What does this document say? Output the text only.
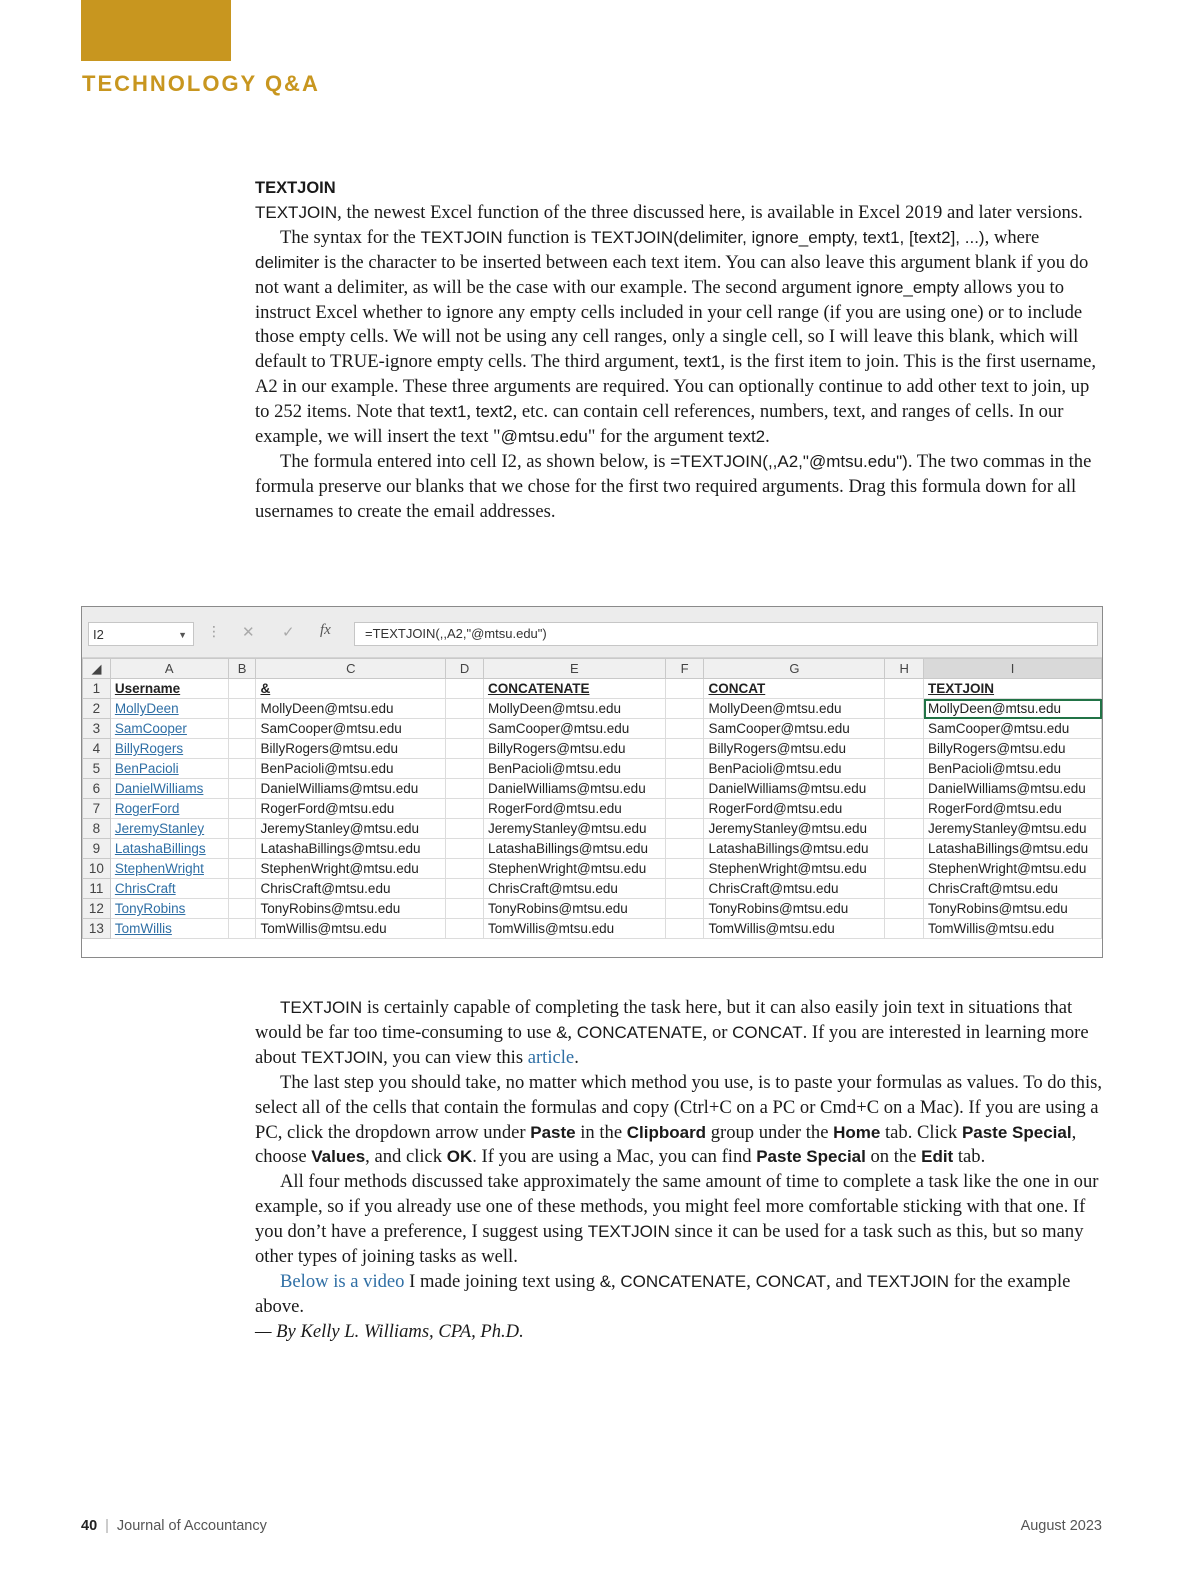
TECHNOLOGY Q&A

TEXTJOIN

TEXTJOIN, the newest Excel function of the three discussed here, is available in Excel 2019 and later versions.

The syntax for the TEXTJOIN function is TEXTJOIN(delimiter, ignore_empty, text1, [text2], ...), where delimiter is the character to be inserted between each text item. You can also leave this argument blank if you do not want a delimiter, as will be the case with our example. The second argument ignore_empty allows you to instruct Excel whether to ignore any empty cells included in your cell range (if you are using one) or to include those empty cells. We will not be using any cell ranges, only a single cell, so I will leave this blank, which will default to TRUE-ignore empty cells. The third argument, text1, is the first item to join. This is the first username, A2 in our example. These three arguments are required. You can optionally continue to add other text to join, up to 252 items. Note that text1, text2, etc. can contain cell references, numbers, text, and ranges of cells. In our example, we will insert the text "@mtsu.edu" for the argument text2.

The formula entered into cell I2, as shown below, is =TEXTJOIN(,,A2,"@mtsu.edu"). The two commas in the formula preserve our blanks that we chose for the first two required arguments. Drag this formula down for all usernames to create the email addresses.

I2	▼ ⋮ ✕ ✓ fx	=TEXTJOIN(,,A2,"@mtsu.edu")
◢	A	B	C	D	E	F	G	H	I
1	Username		&		CONCATENATE		CONCAT		TEXTJOIN
2	MollyDeen		MollyDeen@mtsu.edu		MollyDeen@mtsu.edu		MollyDeen@mtsu.edu		MollyDeen@mtsu.edu
3	SamCooper		SamCooper@mtsu.edu		SamCooper@mtsu.edu		SamCooper@mtsu.edu		SamCooper@mtsu.edu
4	BillyRogers		BillyRogers@mtsu.edu		BillyRogers@mtsu.edu		BillyRogers@mtsu.edu		BillyRogers@mtsu.edu
5	BenPacioli		BenPacioli@mtsu.edu		BenPacioli@mtsu.edu		BenPacioli@mtsu.edu		BenPacioli@mtsu.edu
6	DanielWilliams		DanielWilliams@mtsu.edu		DanielWilliams@mtsu.edu		DanielWilliams@mtsu.edu		DanielWilliams@mtsu.edu
7	RogerFord		RogerFord@mtsu.edu		RogerFord@mtsu.edu		RogerFord@mtsu.edu		RogerFord@mtsu.edu
8	JeremyStanley		JeremyStanley@mtsu.edu		JeremyStanley@mtsu.edu		JeremyStanley@mtsu.edu		JeremyStanley@mtsu.edu
9	LatashaBillings		LatashaBillings@mtsu.edu		LatashaBillings@mtsu.edu		LatashaBillings@mtsu.edu		LatashaBillings@mtsu.edu
10	StephenWright		StephenWright@mtsu.edu		StephenWright@mtsu.edu		StephenWright@mtsu.edu		StephenWright@mtsu.edu
11	ChrisCraft		ChrisCraft@mtsu.edu		ChrisCraft@mtsu.edu		ChrisCraft@mtsu.edu		ChrisCraft@mtsu.edu
12	TonyRobins		TonyRobins@mtsu.edu		TonyRobins@mtsu.edu		TonyRobins@mtsu.edu		TonyRobins@mtsu.edu
13	TomWillis		TomWillis@mtsu.edu		TomWillis@mtsu.edu		TomWillis@mtsu.edu		TomWillis@mtsu.edu

TEXTJOIN is certainly capable of completing the task here, but it can also easily join text in situations that would be far too time-consuming to use &, CONCATENATE, or CONCAT. If you are interested in learning more about TEXTJOIN, you can view this article.

The last step you should take, no matter which method you use, is to paste your formulas as values. To do this, select all of the cells that contain the formulas and copy (Ctrl+C on a PC or Cmd+C on a Mac). If you are using a PC, click the dropdown arrow under Paste in the Clipboard group under the Home tab. Click Paste Special, choose Values, and click OK. If you are using a Mac, you can find Paste Special on the Edit tab.

All four methods discussed take approximately the same amount of time to complete a task like the one in our example, so if you already use one of these methods, you might feel more comfortable sticking with that one. If you don’t have a preference, I suggest using TEXTJOIN since it can be used for a task such as this, but so many other types of joining tasks as well.

Below is a video I made joining text using &, CONCATENATE, CONCAT, and TEXTJOIN for the example above.

— By Kelly L. Williams, CPA, Ph.D.

40 | Journal of Accountancy	August 2023
